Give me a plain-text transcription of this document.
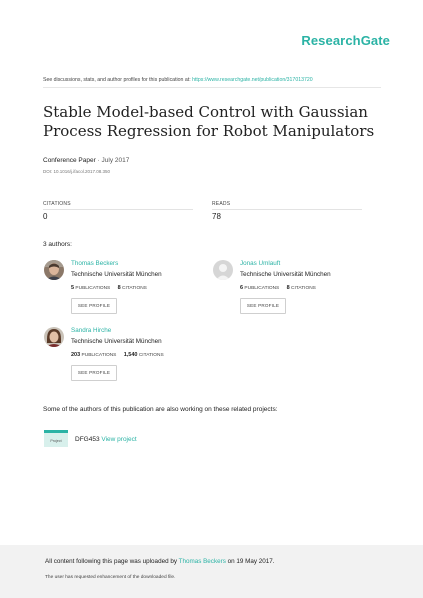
ResearchGate
See discussions, stats, and author profiles for this publication at: https://www.researchgate.net/publication/317013720
Stable Model-based Control with Gaussian Process Regression for Robot Manipulators
Conference Paper · July 2017
DOI: 10.1016/j.ifacol.2017.08.350
CITATIONS
0
READS
78
3 authors:
Thomas Beckers
Technische Universität München
5 PUBLICATIONS 8 CITATIONS
SEE PROFILE
Jonas Umlauft
Technische Universität München
6 PUBLICATIONS 8 CITATIONS
SEE PROFILE
Sandra Hirche
Technische Universität München
203 PUBLICATIONS 1,540 CITATIONS
SEE PROFILE
Some of the authors of this publication are also working on these related projects:
Project DFG453 View project
All content following this page was uploaded by Thomas Beckers on 19 May 2017.
The user has requested enhancement of the downloaded file.
